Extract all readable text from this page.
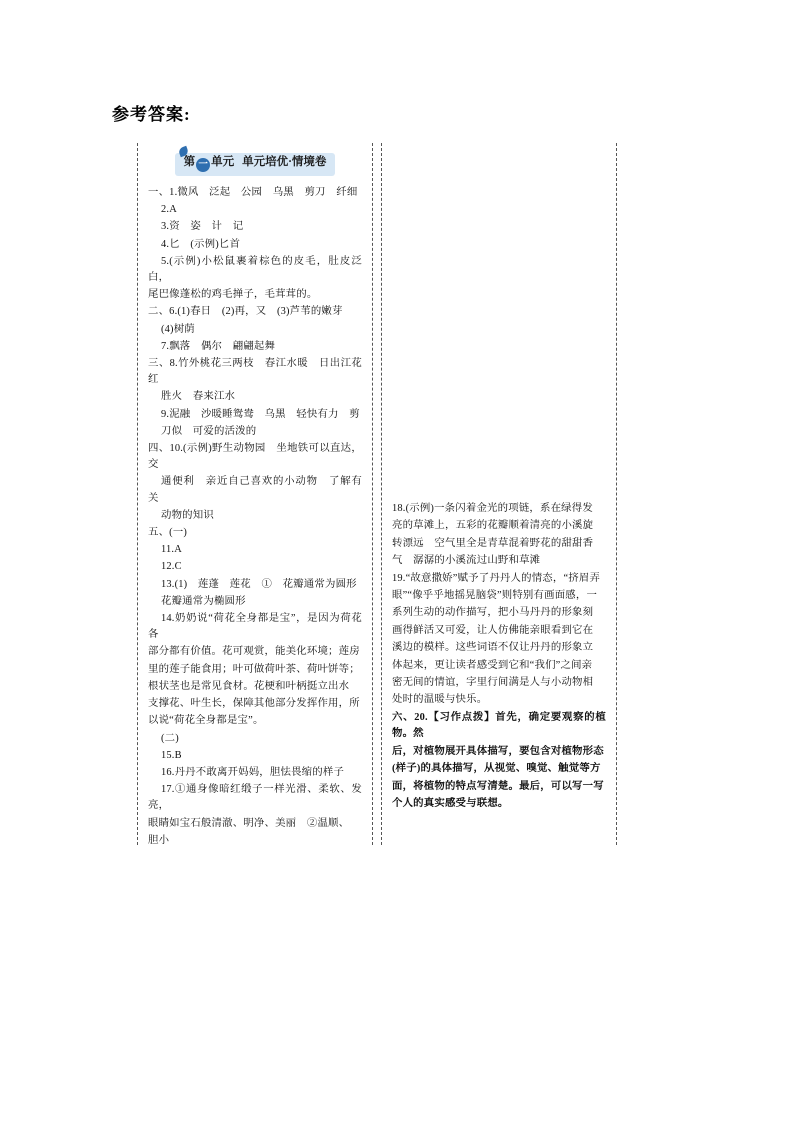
参考答案:
第 一 单元 单元培优·情境卷

一、1.微风　泛起　公园　乌黑　剪刀　纤细

2.A

3.资　姿　计　记

4.匕　(示例)匕首

5.(示例)小松鼠裹着棕色的皮毛，肚皮泛白，

尾巴像蓬松的鸡毛掸子，毛茸茸的。

二、6.(1)春日　(2)再，又　(3)芦苇的嫩芽

(4)树荫

7.飘落　偶尔　翩翩起舞

三、8.竹外桃花三两枝　春江水暖　日出江花红

胜火　春来江水

9.泥融　沙暖睡鸳鸯　乌黑　轻快有力　剪

刀似　可爱的活泼的

四、10.(示例)野生动物园　坐地铁可以直达，交

通便利　亲近自己喜欢的小动物　了解有关

动物的知识

五、(一)

11.A

12.C

13.(1)　莲蓬　莲花　①　花瓣通常为圆形

花瓣通常为椭圆形

14.奶奶说“荷花全身都是宝”，是因为荷花各

部分都有价值。花可观赏，能美化环境；莲房

里的莲子能食用；叶可做荷叶茶、荷叶饼等；

根状茎也是常见食材。花梗和叶柄挺立出水

支撑花、叶生长，保障其他部分发挥作用，所

以说“荷花全身都是宝”。

(二)

15.B

16.丹丹不敢离开妈妈，胆怯畏缩的样子

17.①通身像暗红缎子一样光滑、柔软、发亮，

眼睛如宝石般清澈、明净、美丽　②温顺、

胆小

18.(示例)一条闪着金光的项链，系在绿得发

亮的草滩上，五彩的花瓣顺着清亮的小溪旋

转漂远　空气里全是青草混着野花的甜甜香

气　潺潺的小溪流过山野和草滩

19.“故意撒娇”赋予了丹丹人的情态，“挤眉弄

眼”“像乎乎地摇晃脑袋”则特别有画面感，一

系列生动的动作描写，把小马丹丹的形象刻

画得鲜活又可爱，让人仿佛能亲眼看到它在

溪边的模样。这些词语不仅让丹丹的形象立

体起来，更让读者感受到它和“我们”之间亲

密无间的情谊，字里行间满是人与小动物相

处时的温暖与快乐。

六、20.【习作点拨】首先，确定要观察的植物。然

后，对植物展开具体描写，要包含对植物形态

(样子)的具体描写，从视觉、嗅觉、触觉等方

面，将植物的特点写清楚。最后，可以写一写

个人的真实感受与联想。
